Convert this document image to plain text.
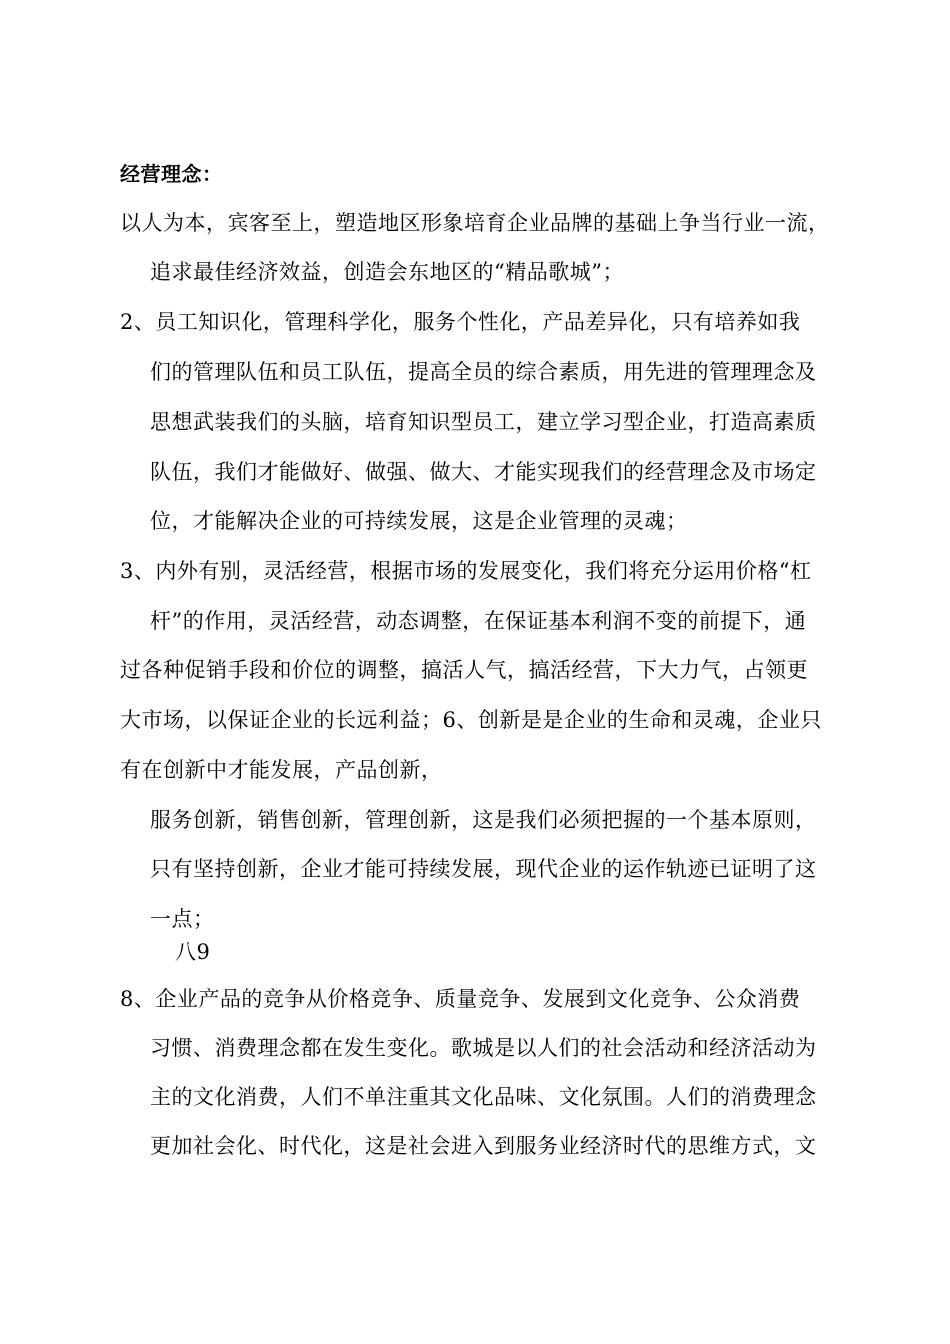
经营理念：
以人为本，宾客至上，塑造地区形象培育企业品牌的基础上争当行业一流，
追求最佳经济效益，创造会东地区的“精品歌城”；
2、员工知识化，管理科学化，服务个性化，产品差异化，只有培养如我
们的管理队伍和员工队伍，提高全员的综合素质，用先进的管理理念及
思想武装我们的头脑，培育知识型员工，建立学习型企业，打造高素质
队伍，我们才能做好、做强、做大、才能实现我们的经营理念及市场定
位，才能解决企业的可持续发展，这是企业管理的灵魂；
3、内外有别，灵活经营，根据市场的发展变化，我们将充分运用价格“杠
杆”的作用，灵活经营，动态调整，在保证基本利润不变的前提下，通
过各种促销手段和价位的调整，搞活人气，搞活经营，下大力气，占领更
大市场，以保证企业的长远利益；6、创新是是企业的生命和灵魂，企业只
有在创新中才能发展，产品创新，
服务创新，销售创新，管理创新，这是我们必须把握的一个基本原则，
只有坚持创新，企业才能可持续发展，现代企业的运作轨迹已证明了这
一点；
八9
8、企业产品的竞争从价格竞争、质量竞争、发展到文化竞争、公众消费
习惯、消费理念都在发生变化。歌城是以人们的社会活动和经济活动为
主的文化消费，人们不单注重其文化品味、文化氛围。人们的消费理念
更加社会化、时代化，这是社会进入到服务业经济时代的思维方式，文
